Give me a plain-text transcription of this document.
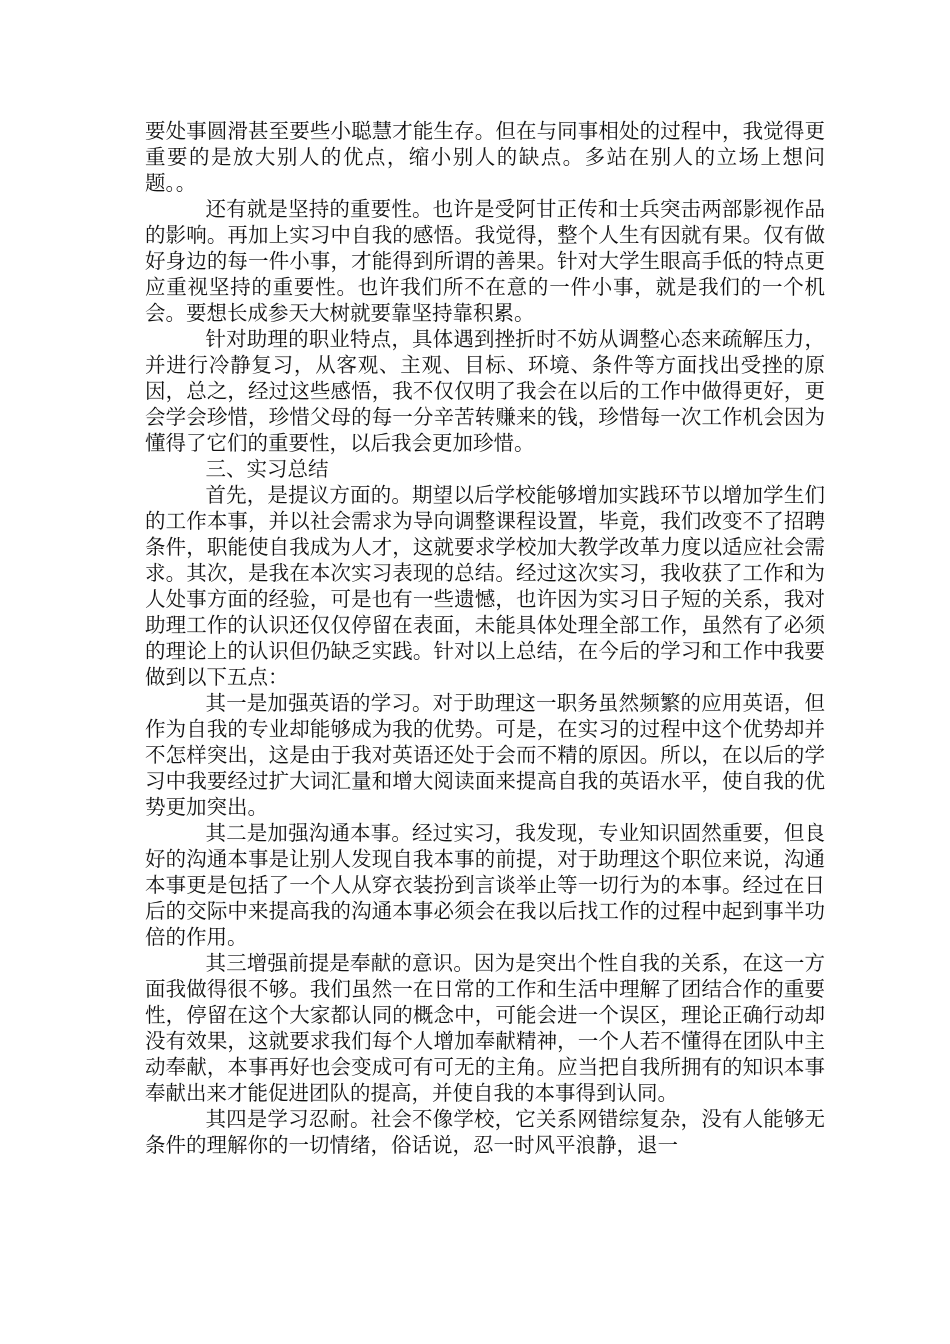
要处事圆滑甚至要些小聪慧才能生存。但在与同事相处的过程中，我觉得更重要的是放大别人的优点，缩小别人的缺点。多站在别人的立场上想问题。。

还有就是坚持的重要性。也许是受阿甘正传和士兵突击两部影视作品的影响。再加上实习中自我的感悟。我觉得，整个人生有因就有果。仅有做好身边的每一件小事，才能得到所谓的善果。针对大学生眼高手低的特点更应重视坚持的重要性。也许我们所不在意的一件小事，就是我们的一个机会。要想长成参天大树就要靠坚持靠积累。

针对助理的职业特点，具体遇到挫折时不妨从调整心态来疏解压力，并进行冷静复习，从客观、主观、目标、环境、条件等方面找出受挫的原因，总之，经过这些感悟，我不仅仅明了我会在以后的工作中做得更好，更会学会珍惜，珍惜父母的每一分辛苦转赚来的钱，珍惜每一次工作机会因为懂得了它们的重要性，以后我会更加珍惜。

三、实习总结

首先，是提议方面的。期望以后学校能够增加实践环节以增加学生们的工作本事，并以社会需求为导向调整课程设置，毕竟，我们改变不了招聘条件，职能使自我成为人才，这就要求学校加大教学改革力度以适应社会需求。其次，是我在本次实习表现的总结。经过这次实习，我收获了工作和为人处事方面的经验，可是也有一些遗憾，也许因为实习日子短的关系，我对助理工作的认识还仅仅停留在表面，未能具体处理全部工作，虽然有了必须的理论上的认识但仍缺乏实践。针对以上总结，在今后的学习和工作中我要做到以下五点：

其一是加强英语的学习。对于助理这一职务虽然频繁的应用英语，但作为自我的专业却能够成为我的优势。可是，在实习的过程中这个优势却并不怎样突出，这是由于我对英语还处于会而不精的原因。所以，在以后的学习中我要经过扩大词汇量和增大阅读面来提高自我的英语水平，使自我的优势更加突出。

其二是加强沟通本事。经过实习，我发现，专业知识固然重要，但良好的沟通本事是让别人发现自我本事的前提，对于助理这个职位来说，沟通本事更是包括了一个人从穿衣装扮到言谈举止等一切行为的本事。经过在日后的交际中来提高我的沟通本事必须会在我以后找工作的过程中起到事半功倍的作用。

其三增强前提是奉献的意识。因为是突出个性自我的关系，在这一方面我做得很不够。我们虽然一在日常的工作和生活中理解了团结合作的重要性，停留在这个大家都认同的概念中，可能会进一个误区，理论正确行动却没有效果，这就要求我们每个人增加奉献精神，一个人若不懂得在团队中主动奉献，本事再好也会变成可有可无的主角。应当把自我所拥有的知识本事奉献出来才能促进团队的提高，并使自我的本事得到认同。

其四是学习忍耐。社会不像学校，它关系网错综复杂，没有人能够无条件的理解你的一切情绪，俗话说，忍一时风平浪静，退一
